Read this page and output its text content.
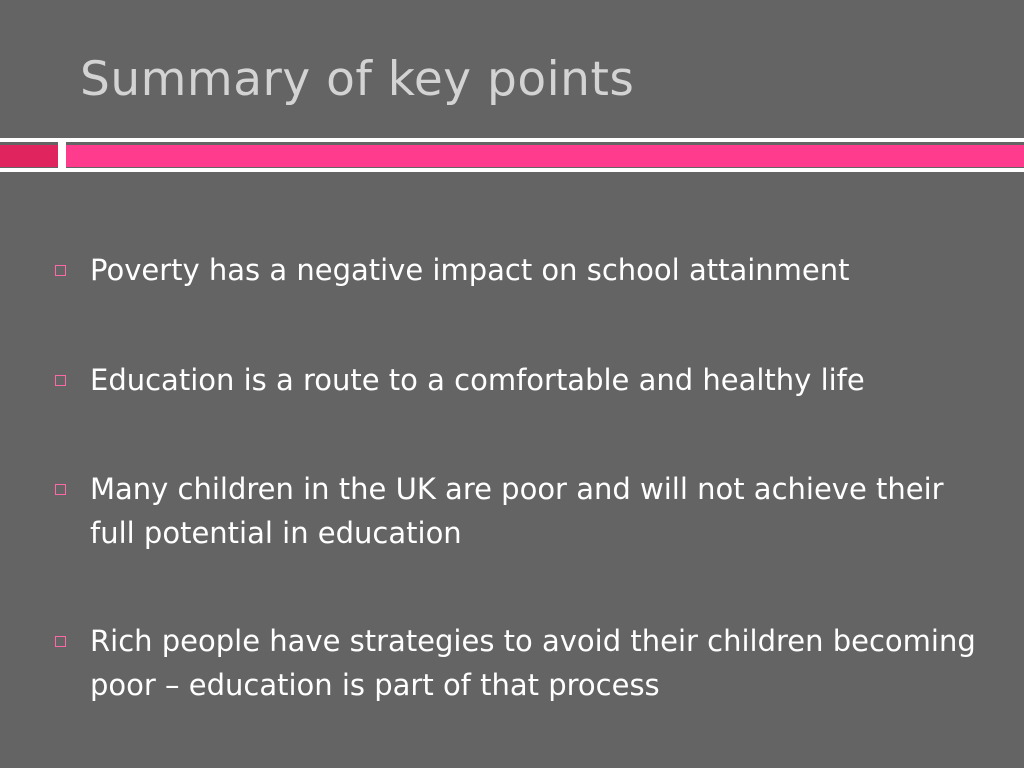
Summary of key points
Poverty has a negative impact on school attainment
Education is a route to a comfortable and healthy life
Many children in the UK are poor and will not achieve their full potential in education
Rich people have strategies to avoid their children becoming poor – education is part of that process
